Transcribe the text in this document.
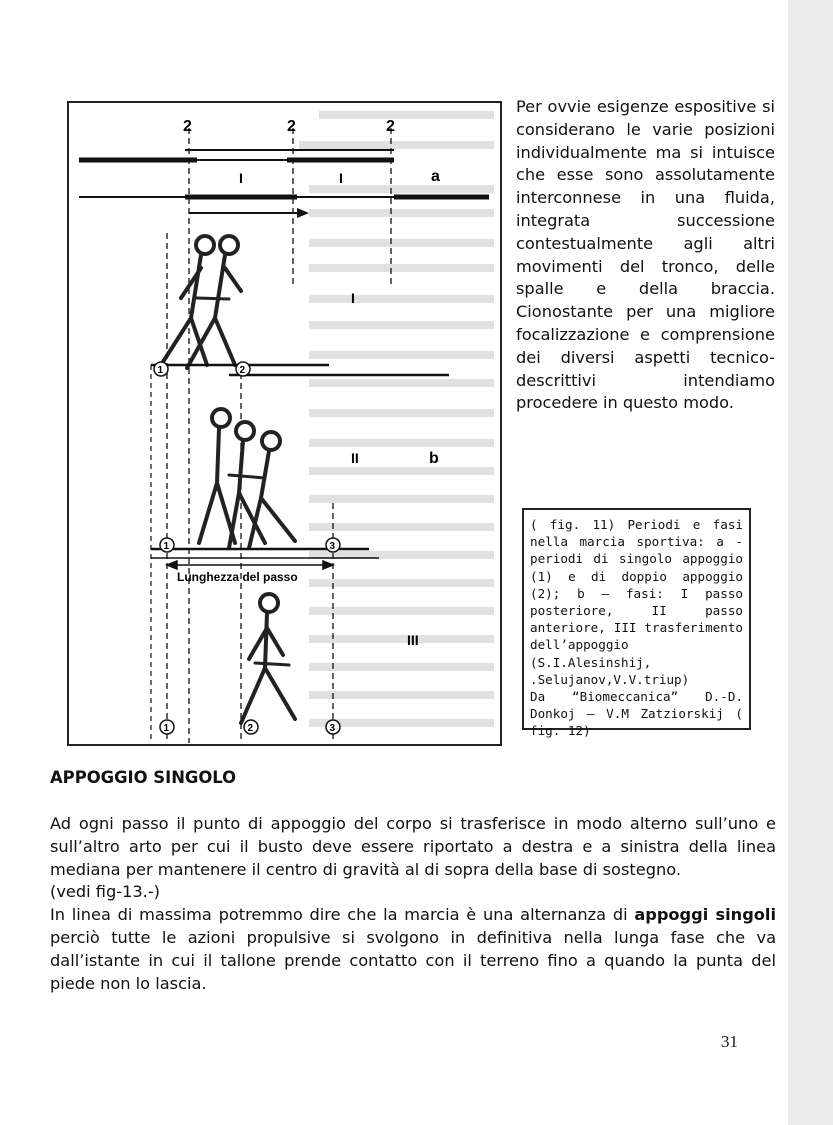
2	2	2
I	I	a
I
II	b
III
1	2
1	3
1	2	3
Lunghezza del passo

Per ovvie esigenze espositive si considerano le varie posizioni individualmente ma si intuisce che esse sono assolutamente interconnese in una fluida, integrata successione contestualmente agli altri movimenti del tronco, delle spalle e della braccia. Cionostante per una migliore focalizzazione e comprensione dei diversi aspetti tecnico-descrittivi intendiamo procedere in questo modo.

( fig. 11) Periodi e fasi nella marcia sportiva: a -periodi di singolo appoggio (1) e di doppio appoggio (2); b – fasi: I passo posteriore, II passo anteriore, III trasferimento dell’appoggio (S.I.Alesinshij, .Selujanov,V.V.triup)

Da “Biomeccanica” D.-D. Donkoj – V.M Zatziorskij ( fig. 12)

APPOGGIO SINGOLO

Ad ogni passo il punto di appoggio del corpo si trasferisce in modo alterno sull’uno e sull’altro arto per cui il busto deve essere riportato a destra e a sinistra della linea mediana per mantenere il centro di gravità al di sopra della base di sostegno.

(vedi fig-13.-)

In linea di massima potremmo dire che la marcia è una alternanza di appoggi singoli perciò tutte le azioni propulsive si svolgono in definitiva nella lunga fase che va dall’istante in cui il tallone prende contatto con il terreno fino a quando la punta del piede non lo lascia.

31
